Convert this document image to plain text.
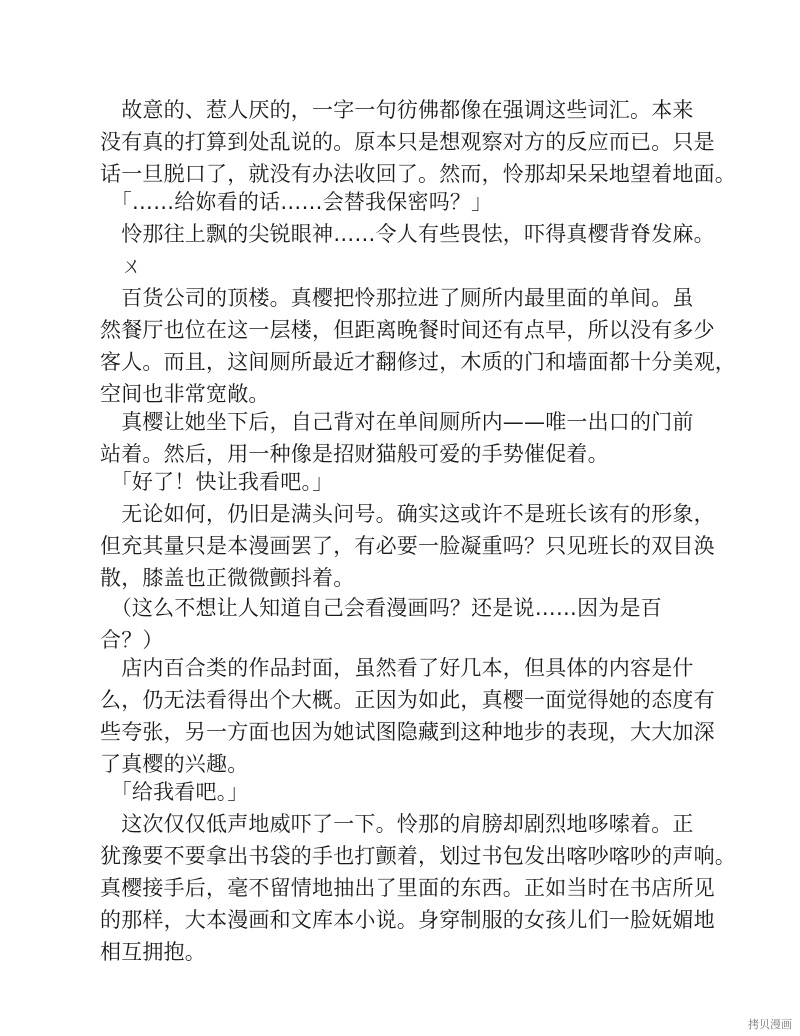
　故意的、惹人厌的，一字一句彷佛都像在强调这些词汇。本来
没有真的打算到处乱说的。原本只是想观察对方的反应而已。只是
话一旦脱口了，就没有办法收回了。然而，怜那却呆呆地望着地面。
　「……给妳看的话……会替我保密吗？」
　怜那往上飘的尖锐眼神……令人有些畏怯，吓得真樱背脊发麻。
　ㄨ
　百货公司的顶楼。真樱把怜那拉进了厕所内最里面的单间。虽
然餐厅也位在这一层楼，但距离晚餐时间还有点早，所以没有多少
客人。而且，这间厕所最近才翻修过，木质的门和墙面都十分美观，
空间也非常宽敞。
　真樱让她坐下后，自己背对在单间厕所内——唯一出口的门前
站着。然后，用一种像是招财猫般可爱的手势催促着。
　「好了！快让我看吧。」
　无论如何，仍旧是满头问号。确实这或许不是班长该有的形象，
但充其量只是本漫画罢了，有必要一脸凝重吗？只见班长的双目涣
散，膝盖也正微微颤抖着。
　（这么不想让人知道自己会看漫画吗？还是说……因为是百
合？）
　店内百合类的作品封面，虽然看了好几本，但具体的内容是什
么，仍无法看得出个大概。正因为如此，真樱一面觉得她的态度有
些夸张，另一方面也因为她试图隐藏到这种地步的表现，大大加深
了真樱的兴趣。
　「给我看吧。」
　这次仅仅低声地威吓了一下。怜那的肩膀却剧烈地哆嗦着。正
犹豫要不要拿出书袋的手也打颤着，划过书包发出喀吵喀吵的声响。
真樱接手后，毫不留情地抽出了里面的东西。正如当时在书店所见
的那样，大本漫画和文库本小说。身穿制服的女孩儿们一脸妩媚地
相互拥抱。
拷贝漫画
